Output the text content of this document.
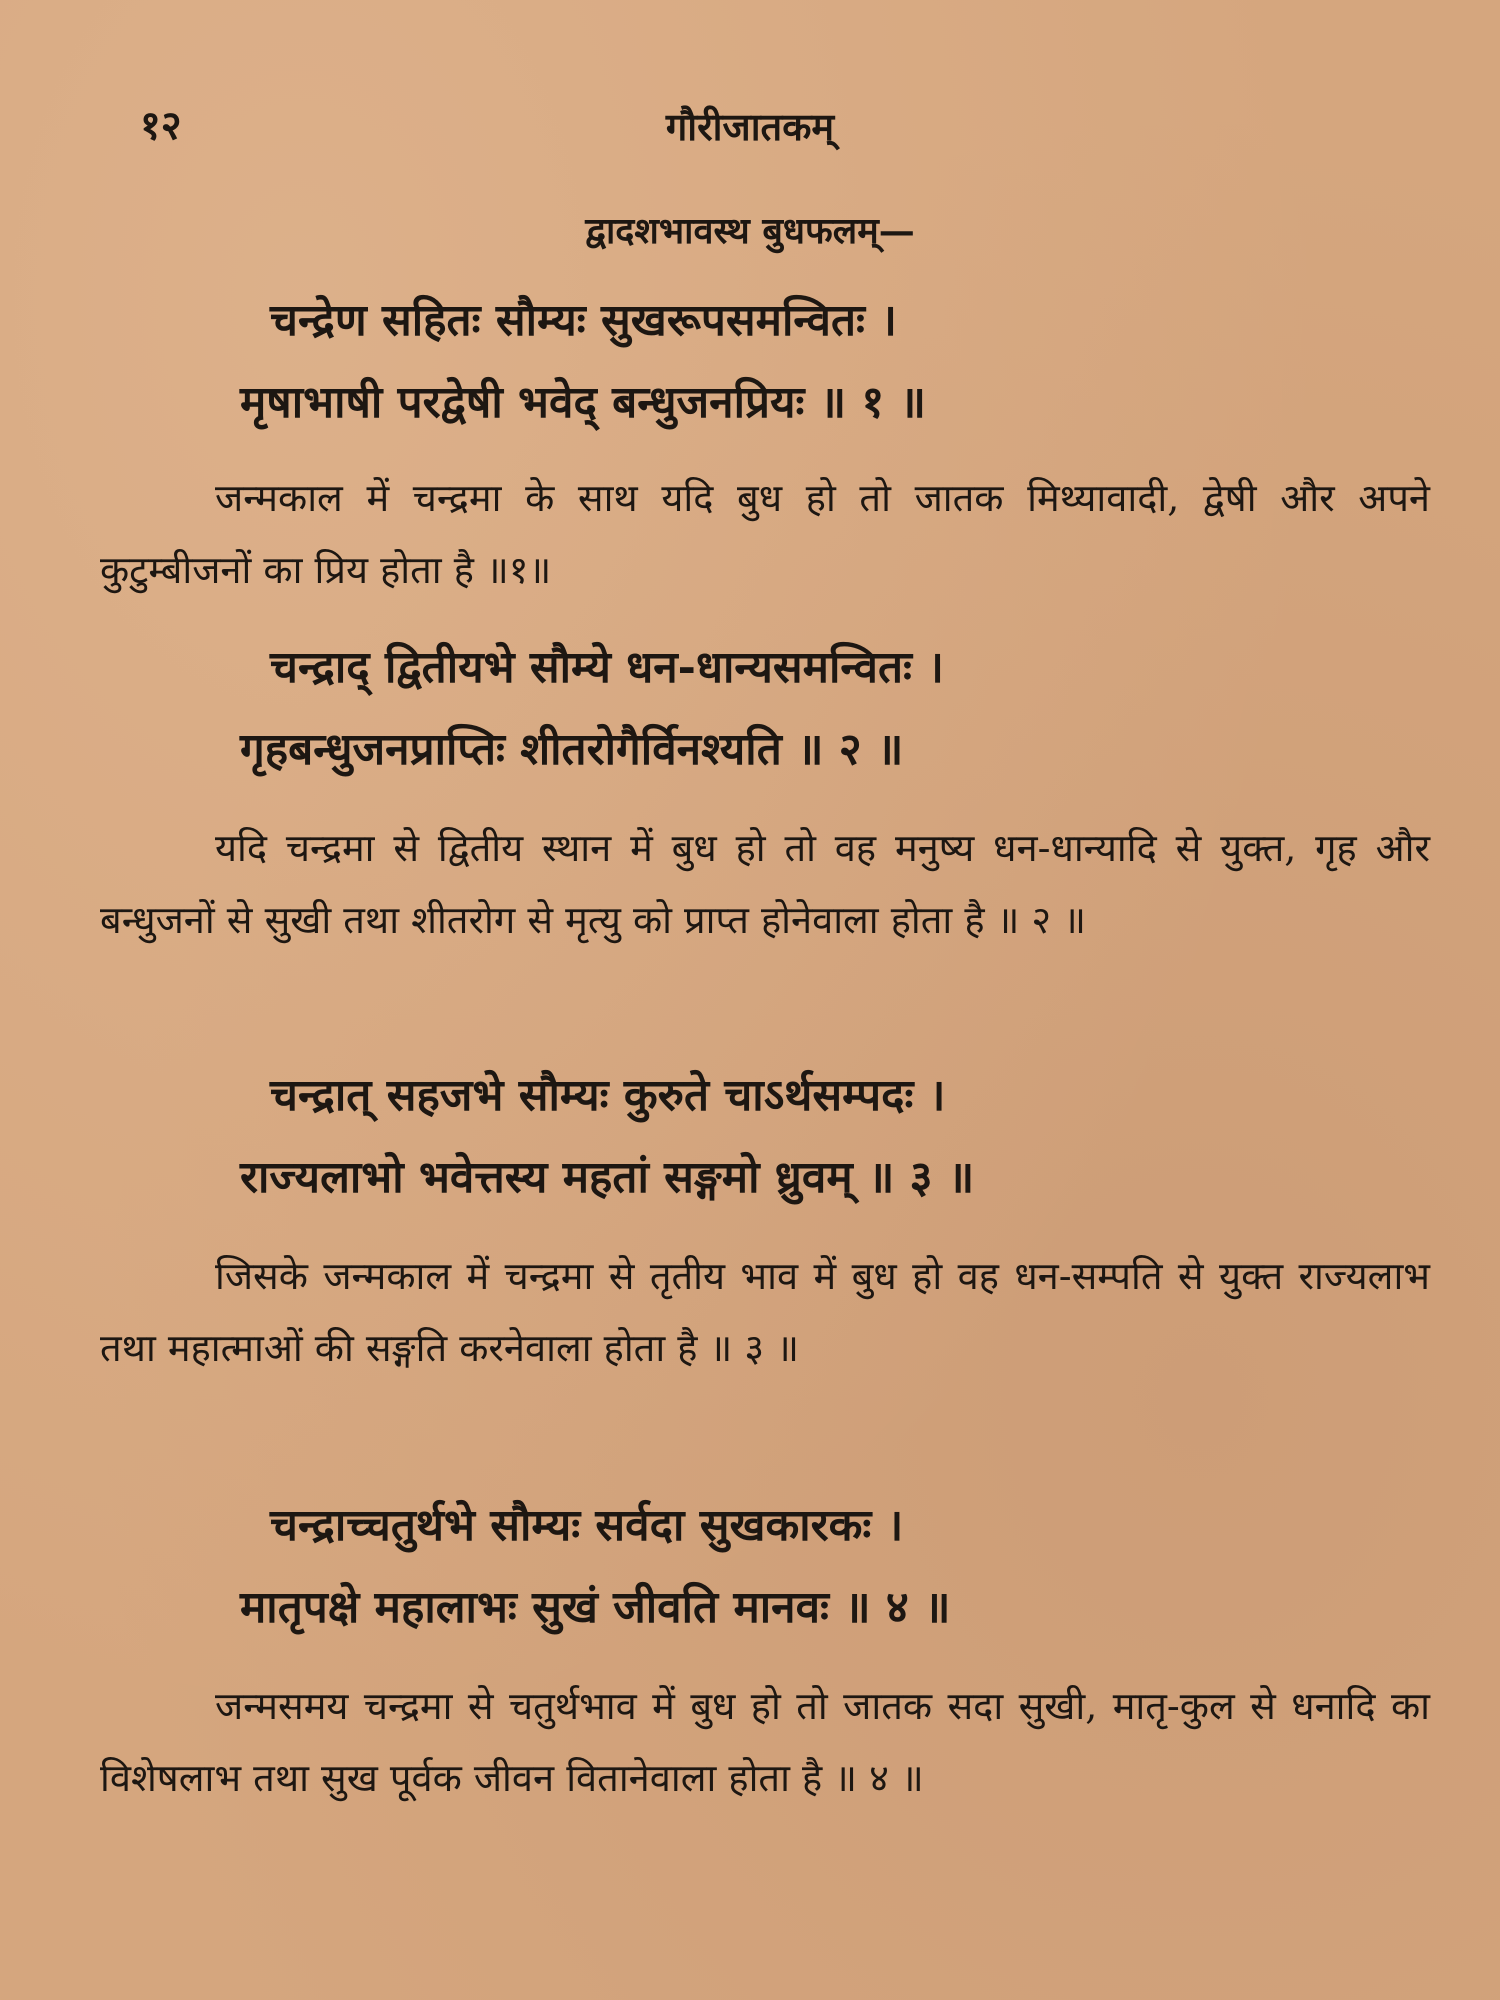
१२	गौरीजातकम्
द्वादशभावस्थ बुधफलम्—
चन्द्रेण सहितः सौम्यः सुखरूपसमन्वितः ।
मृषाभाषी परद्वेषी भवेद् बन्धुजनप्रियः ॥ १ ॥
जन्मकाल में चन्द्रमा के साथ यदि बुध हो तो जातक मिथ्यावादी, द्वेषी और अपने कुटुम्बीजनों का प्रिय होता है ॥१॥
चन्द्राद् द्वितीयभे सौम्ये धन-धान्यसमन्वितः ।
गृहबन्धुजनप्राप्तिः शीतरोगैर्विनश्यति ॥ २ ॥
यदि चन्द्रमा से द्वितीय स्थान में बुध हो तो वह मनुष्य धन-धान्यादि से युक्त, गृह और बन्धुजनों से सुखी तथा शीतरोग से मृत्यु को प्राप्त होनेवाला होता है ॥ २ ॥
चन्द्रात् सहजभे सौम्यः कुरुते चाऽर्थसम्पदः ।
राज्यलाभो भवेत्तस्य महतां सङ्गमो ध्रुवम् ॥ ३ ॥
जिसके जन्मकाल में चन्द्रमा से तृतीय भाव में बुध हो वह धन-सम्पति से युक्त राज्यलाभ तथा महात्माओं की सङ्गति करनेवाला होता है ॥ ३ ॥
चन्द्राच्चतुर्थभे सौम्यः सर्वदा सुखकारकः ।
मातृपक्षे महालाभः सुखं जीवति मानवः ॥ ४ ॥
जन्मसमय चन्द्रमा से चतुर्थभाव में बुध हो तो जातक सदा सुखी, मातृ-कुल से धनादि का विशेषलाभ तथा सुख पूर्वक जीवन वितानेवाला होता है ॥ ४ ॥
